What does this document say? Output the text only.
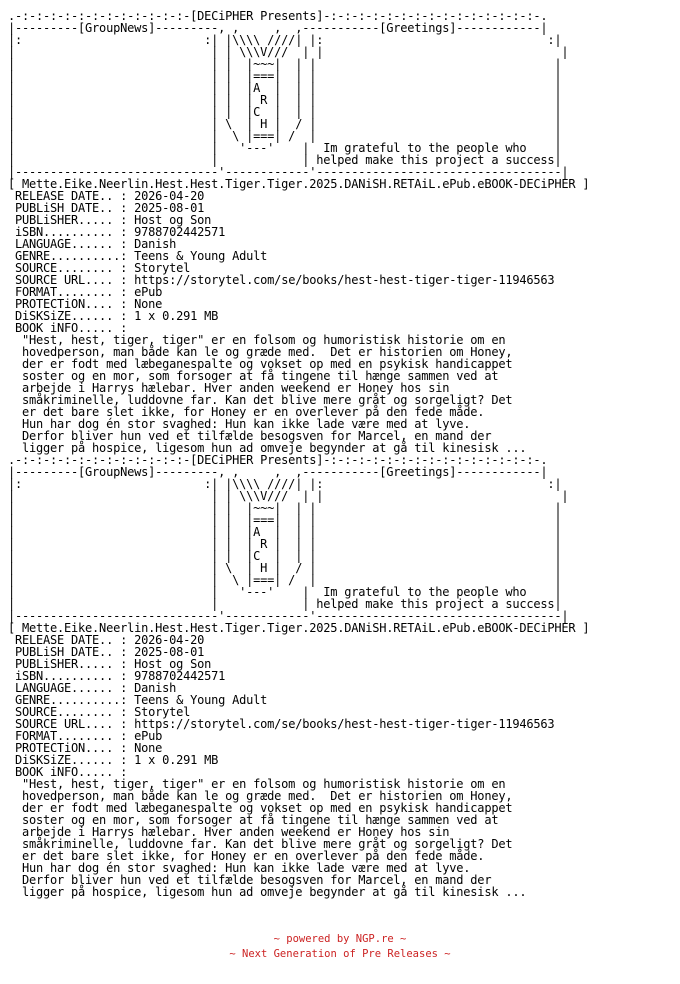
.-:-:-:-:-:-:-:-:-:-:-:-:-[DECiPHER Presents]-:-:-:-:-:-:-:-:-:-:-:-:-:-:-:-.
|---------[GroupNews]---------, ,     ,  ,-----------[Greetings]------------|
|:                          :| |\\\\ ////| |:                                :|
|                            | | \\\V///  | |                                  |
|                            | |  |~~~|  | |                                  |
|                            | |  |===|  | |                                  |
|                            | |  |A  |  | |                                  |
|                            | |  | R |  | |                                  |
|                            | |  |C  |  | |                                  |
|                            | \  | H |  / |                                  |
|                            |  \ |===| /  |                                  |
|                            |   '---'    |  Im grateful to the people who    |
|                            |            | helped make this project a success|
|-----------------------------'------------'-----------------------------------|
[ Mette.Eike.Neerlin.Hest.Hest.Tiger.Tiger.2025.DANiSH.RETAiL.ePub.eBOOK-DECiPHER ]
RELEASE DATE.. : 2026-04-20
PUBLiSH DATE.. : 2025-08-01
PUBLiSHER..... : Host og Son
iSBN.......... : 9788702442571
LANGUAGE...... : Danish
GENRE..........: Teens & Young Adult
SOURCE........ : Storytel
SOURCE URL.... : https://storytel.com/se/books/hest-hest-tiger-tiger-11946563
FORMAT........ : ePub
PROTECTiON.... : None
DiSKSiZE...... : 1 x 0.291 MB
BOOK iNFO..... :
"Hest, hest, tiger, tiger" er en folsom og humoristisk historie om en
hovedperson, man både kan le og græde med.  Det er historien om Honey,
der er fodt med læbeganespalte og vokset op med en psykisk handicappet
soster og en mor, som forsoger at få tingene til hænge sammen ved at
arbejde i Harrys hælebar. Hver anden weekend er Honey hos sin
småkriminelle, luddovne far. Kan det blive mere gråt og sorgeligt? Det
er det bare slet ikke, for Honey er en overlever på den fede måde.
Hun har dog én stor svaghed: Hun kan ikke lade være med at lyve.
Derfor bliver hun ved et tilfælde besogsven for Marcel, en mand der
ligger på hospice, ligesom hun ad omveje begynder at gå til kinesisk ...
.-:-:-:-:-:-:-:-:-:-:-:-:-[DECiPHER Presents]-:-:-:-:-:-:-:-:-:-:-:-:-:-:-:-.
|---------[GroupNews]---------, ,     ,  ,-----------[Greetings]------------|
|:                          :| |\\\\ ////| |:                                :|
|                            | | \\\V///  | |                                  |
|                            | |  |~~~|  | |                                  |
|                            | |  |===|  | |                                  |
|                            | |  |A  |  | |                                  |
|                            | |  | R |  | |                                  |
|                            | |  |C  |  | |                                  |
|                            | \  | H |  / |                                  |
|                            |  \ |===| /  |                                  |
|                            |   '---'    |  Im grateful to the people who    |
|                            |            | helped make this project a success|
|-----------------------------'------------'-----------------------------------|
[ Mette.Eike.Neerlin.Hest.Hest.Tiger.Tiger.2025.DANiSH.RETAiL.ePub.eBOOK-DECiPHER ]
RELEASE DATE.. : 2026-04-20
PUBLiSH DATE.. : 2025-08-01
PUBLiSHER..... : Host og Son
iSBN.......... : 9788702442571
LANGUAGE...... : Danish
GENRE..........: Teens & Young Adult
SOURCE........ : Storytel
SOURCE URL.... : https://storytel.com/se/books/hest-hest-tiger-tiger-11946563
FORMAT........ : ePub
PROTECTiON.... : None
DiSKSiZE...... : 1 x 0.291 MB
BOOK iNFO..... :
"Hest, hest, tiger, tiger" er en folsom og humoristisk historie om en
hovedperson, man både kan le og græde med.  Det er historien om Honey,
der er fodt med læbeganespalte og vokset op med en psykisk handicappet
soster og en mor, som forsoger at få tingene til hænge sammen ved at
arbejde i Harrys hælebar. Hver anden weekend er Honey hos sin
småkriminelle, luddovne far. Kan det blive mere gråt og sorgeligt? Det
er det bare slet ikke, for Honey er en overlever på den fede måde.
Hun har dog én stor svaghed: Hun kan ikke lade være med at lyve.
Derfor bliver hun ved et tilfælde besogsven for Marcel, en mand der
ligger på hospice, ligesom hun ad omveje begynder at gå til kinesisk ...
~ powered by NGP.re ~
~ Next Generation of Pre Releases ~
